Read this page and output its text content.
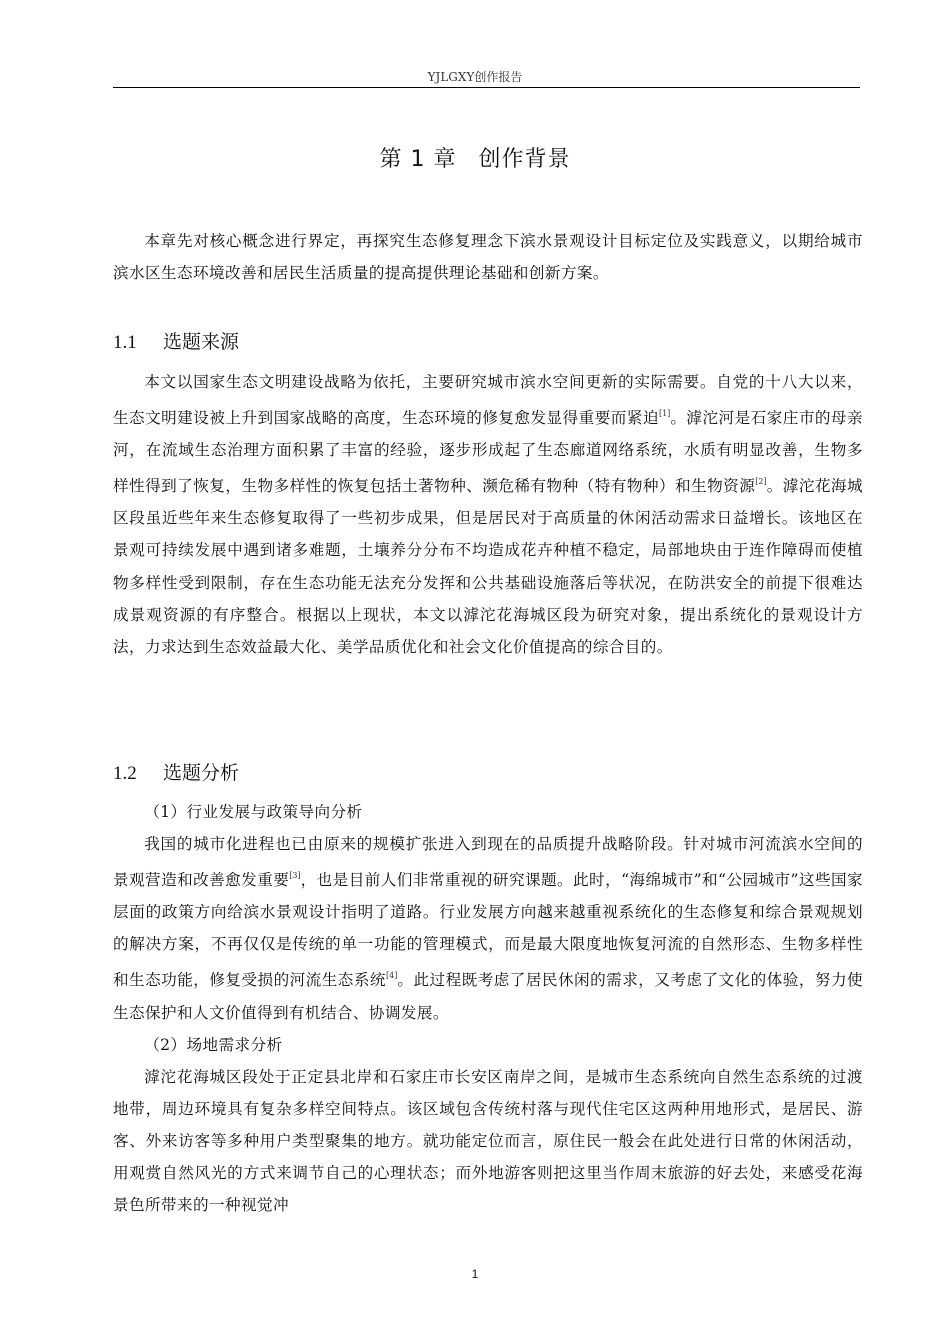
YJLGXY创作报告
第 1 章 创作背景

本章先对核心概念进行界定，再探究生态修复理念下滨水景观设计目标定位及实践意义，以期给城市滨水区生态环境改善和居民生活质量的提高提供理论基础和创新方案。

1.1 选题来源

本文以国家生态文明建设战略为依托，主要研究城市滨水空间更新的实际需要。自党的十八大以来，生态文明建设被上升到国家战略的高度，生态环境的修复愈发显得重要而紧迫[1]。滹沱河是石家庄市的母亲河，在流域生态治理方面积累了丰富的经验，逐步形成起了生态廊道网络系统，水质有明显改善，生物多样性得到了恢复，生物多样性的恢复包括土著物种、濒危稀有物种（特有物种）和生物资源[2]。滹沱花海城区段虽近些年来生态修复取得了一些初步成果，但是居民对于高质量的休闲活动需求日益增长。该地区在景观可持续发展中遇到诸多难题，土壤养分分布不均造成花卉种植不稳定，局部地块由于连作障碍而使植物多样性受到限制，存在生态功能无法充分发挥和公共基础设施落后等状况，在防洪安全的前提下很难达成景观资源的有序整合。根据以上现状，本文以滹沱花海城区段为研究对象，提出系统化的景观设计方法，力求达到生态效益最大化、美学品质优化和社会文化价值提高的综合目的。

1.2 选题分析

（1）行业发展与政策导向分析

我国的城市化进程也已由原来的规模扩张进入到现在的品质提升战略阶段。针对城市河流滨水空间的景观营造和改善愈发重要[3]，也是目前人们非常重视的研究课题。此时，“海绵城市”和“公园城市”这些国家层面的政策方向给滨水景观设计指明了道路。行业发展方向越来越重视系统化的生态修复和综合景观规划的解决方案，不再仅仅是传统的单一功能的管理模式，而是最大限度地恢复河流的自然形态、生物多样性和生态功能，修复受损的河流生态系统[4]。此过程既考虑了居民休闲的需求，又考虑了文化的体验，努力使生态保护和人文价值得到有机结合、协调发展。

（2）场地需求分析

滹沱花海城区段处于正定县北岸和石家庄市长安区南岸之间，是城市生态系统向自然生态系统的过渡地带，周边环境具有复杂多样空间特点。该区域包含传统村落与现代住宅区这两种用地形式，是居民、游客、外来访客等多种用户类型聚集的地方。就功能定位而言，原住民一般会在此处进行日常的休闲活动，用观赏自然风光的方式来调节自己的心理状态；而外地游客则把这里当作周末旅游的好去处，来感受花海景色所带来的一种视觉冲

1
